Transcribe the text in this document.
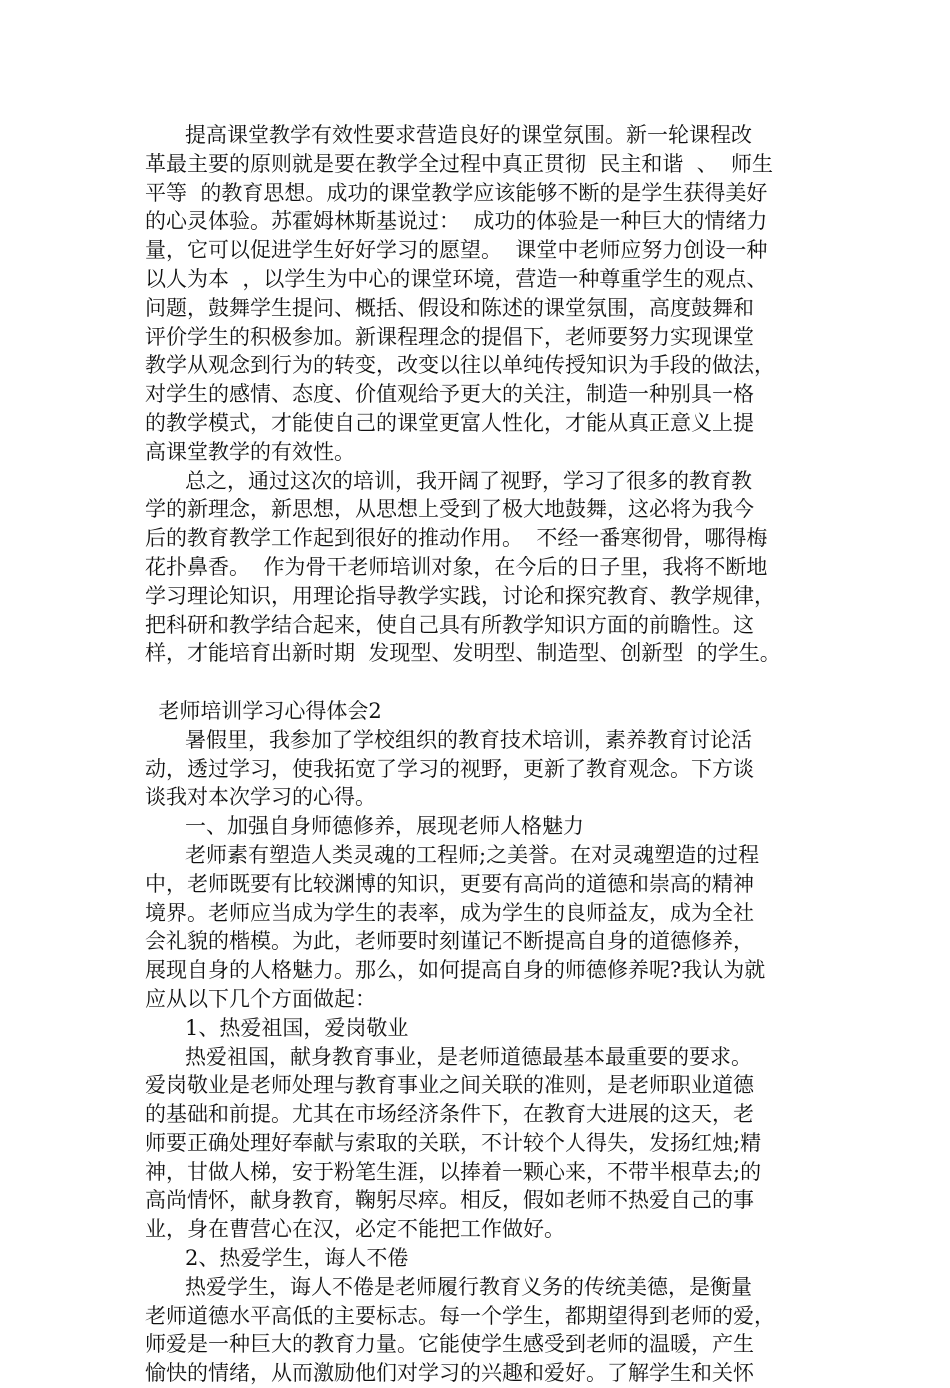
提高课堂教学有效性要求营造良好的课堂氛围。新一轮课程改
革最主要的原则就是要在教学全过程中真正贯彻  民主和谐  、  师生
平等  的教育思想。成功的课堂教学应该能够不断的是学生获得美好
的心灵体验。苏霍姆林斯基说过：  成功的体验是一种巨大的情绪力
量，它可以促进学生好好学习的愿望。  课堂中老师应努力创设一种
以人为本  ，以学生为中心的课堂环境，营造一种尊重学生的观点、
问题，鼓舞学生提问、概括、假设和陈述的课堂氛围，高度鼓舞和
评价学生的积极参加。新课程理念的提倡下，老师要努力实现课堂
教学从观念到行为的转变，改变以往以单纯传授知识为手段的做法，
对学生的感情、态度、价值观给予更大的关注，制造一种别具一格
的教学模式，才能使自己的课堂更富人性化，才能从真正意义上提
高课堂教学的有效性。
总之，通过这次的培训，我开阔了视野，学习了很多的教育教
学的新理念，新思想，从思想上受到了极大地鼓舞，这必将为我今
后的教育教学工作起到很好的推动作用。  不经一番寒彻骨，哪得梅
花扑鼻香。  作为骨干老师培训对象，在今后的日子里，我将不断地
学习理论知识，用理论指导教学实践，讨论和探究教育、教学规律，
把科研和教学结合起来，使自己具有所教学知识方面的前瞻性。这
样，才能培育出新时期  发现型、发明型、制造型、创新型  的学生。
老师培训学习心得体会2
暑假里，我参加了学校组织的教育技术培训，素养教育讨论活
动，透过学习，使我拓宽了学习的视野，更新了教育观念。下方谈
谈我对本次学习的心得。
一、加强自身师德修养，展现老师人格魅力
老师素有塑造人类灵魂的工程师;之美誉。在对灵魂塑造的过程
中，老师既要有比较渊博的知识，更要有高尚的道德和崇高的精神
境界。老师应当成为学生的表率，成为学生的良师益友，成为全社
会礼貌的楷模。为此，老师要时刻谨记不断提高自身的道德修养，
展现自身的人格魅力。那么，如何提高自身的师德修养呢?我认为就
应从以下几个方面做起：
1、热爱祖国，爱岗敬业
热爱祖国，献身教育事业，是老师道德最基本最重要的要求。
爱岗敬业是老师处理与教育事业之间关联的准则，是老师职业道德
的基础和前提。尤其在市场经济条件下，在教育大进展的这天，老
师要正确处理好奉献与索取的关联，不计较个人得失，发扬红烛;精
神，甘做人梯，安于粉笔生涯，以捧着一颗心来，不带半根草去;的
高尚情怀，献身教育，鞠躬尽瘁。相反，假如老师不热爱自己的事
业，身在曹营心在汉，必定不能把工作做好。
2、热爱学生，诲人不倦
热爱学生，诲人不倦是老师履行教育义务的传统美德，是衡量
老师道德水平高低的主要标志。每一个学生，都期望得到老师的爱，
师爱是一种巨大的教育力量。它能使学生感受到老师的温暖，产生
愉快的情绪，从而激励他们对学习的兴趣和爱好。了解学生和关怀
